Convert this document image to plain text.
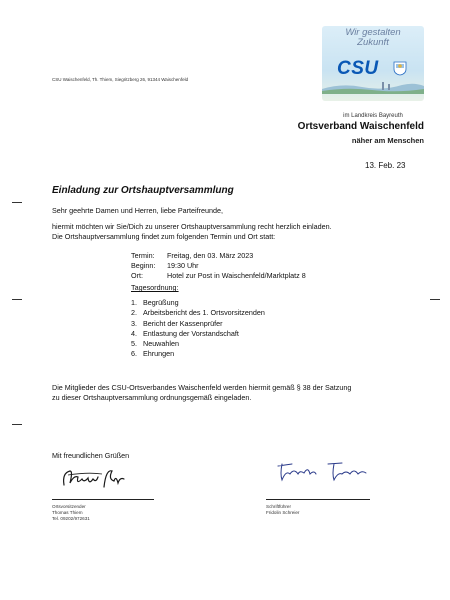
Wir gestalten
Zukunft
CSU
im Landkreis Bayreuth
CSU Waischenfeld, Th. Thiem, Siegritzberg 26, 91344 Waischenfeld
Ortsverband Waischenfeld
näher am Menschen
13. Feb. 23
Einladung zur Ortshauptversammlung
Sehr geehrte Damen und Herren, liebe Parteifreunde,
hiermit möchten wir Sie/Dich zu unserer Ortshauptversammlung recht herzlich einladen.
Die Ortshauptversammlung findet zum folgenden Termin und Ort statt:
Termin:	Freitag, den 03. März 2023
Beginn:	19:30 Uhr
Ort:	Hotel zur Post in Waischenfeld/Marktplatz 8
Tagesordnung:
1. Begrüßung
2. Arbeitsbericht des 1. Ortsvorsitzenden
3. Bericht der Kassenprüfer
4. Entlastung der Vorstandschaft
5. Neuwahlen
6. Ehrungen
Die Mitglieder des CSU-Ortsverbandes Waischenfeld werden hiermit gemäß § 38 der Satzung
zu dieser Ortshauptversammlung ordnungsgemäß eingeladen.
Mit freundlichen Grüßen
Ortsvorsitzender
Thomas Thiem
Tel. 09202/972631
Schriftführer
Fridolin Schreier
